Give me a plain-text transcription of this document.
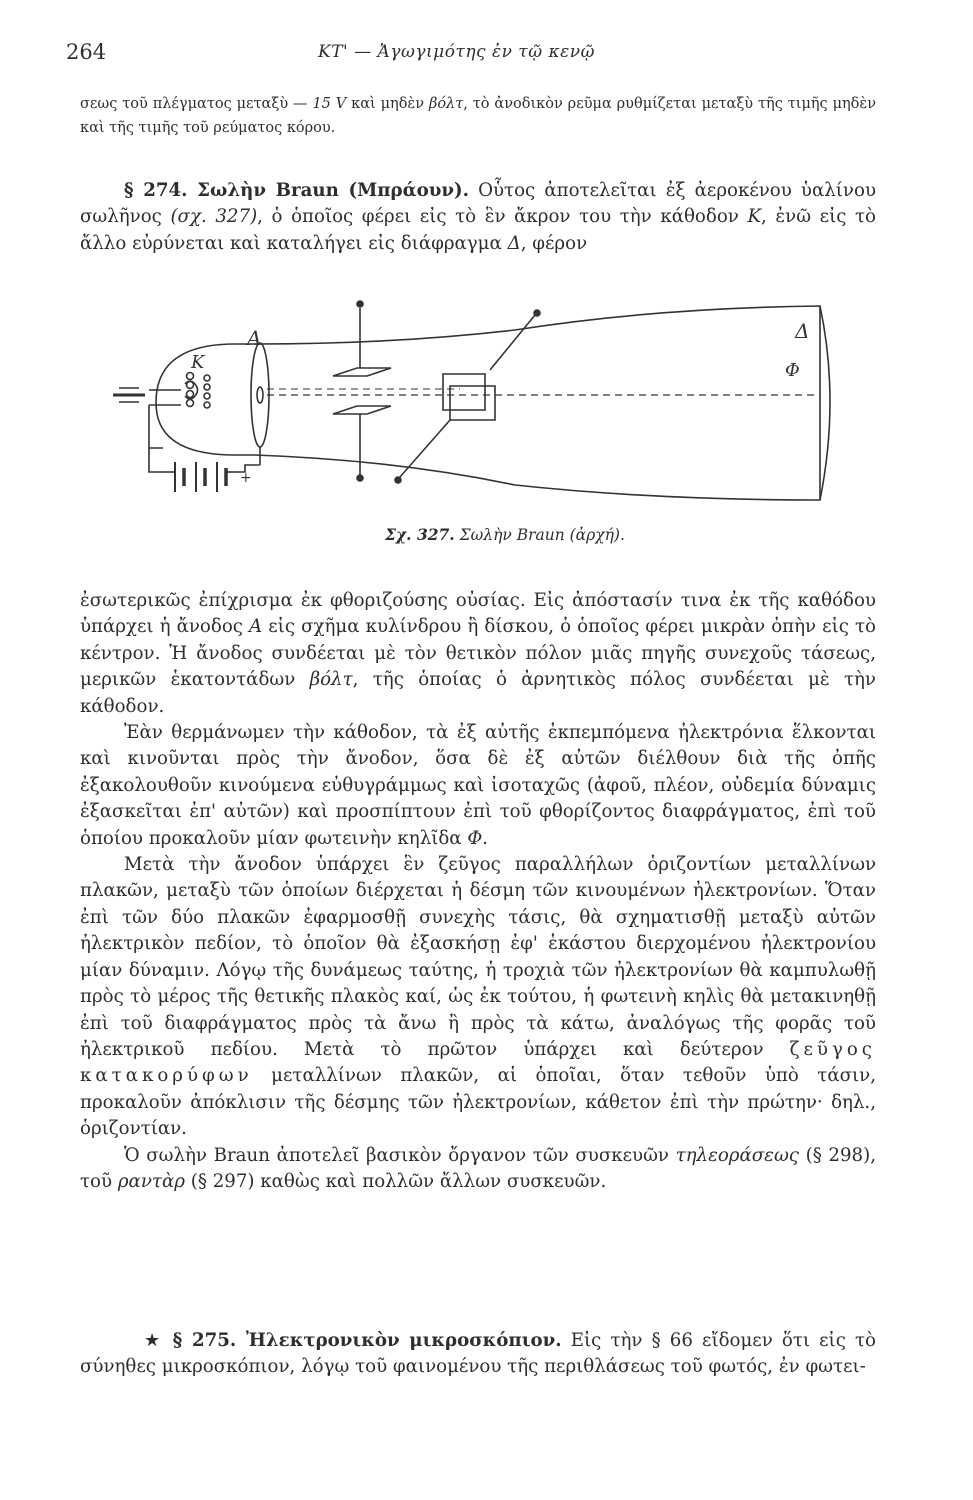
264	ΚΤ' — Ἀγωγιμότης ἐν τῷ κενῷ

σεως τοῦ πλέγματος μεταξὺ — 15 V καὶ μηδὲν βόλτ, τὸ ἀνοδικὸν ρεῦμα ρυθμίζεται μεταξὺ τῆς τιμῆς μηδὲν καὶ τῆς τιμῆς τοῦ ρεύματος κόρου.

§ 274. Σωλὴν Braun (Μπράουν). Οὗτος ἀποτελεῖται ἐξ ἀεροκένου ὑαλίνου σωλῆνος (σχ. 327), ὁ ὁποῖος φέρει εἰς τὸ ἓν ἄκρον του τὴν κάθοδον K, ἐνῶ εἰς τὸ ἄλλο εὐρύνεται καὶ καταλήγει εἰς διάφραγμα Δ, φέρον

A
K
Δ
Φ
+
Σχ. 327. Σωλὴν Braun (ἀρχή).

ἐσωτερικῶς ἐπίχρισμα ἐκ φθοριζούσης οὐσίας. Εἰς ἀπόστασίν τινα ἐκ τῆς καθόδου ὑπάρχει ἡ ἄνοδος A εἰς σχῆμα κυλίνδρου ἢ δίσκου, ὁ ὁποῖος φέρει μικρὰν ὀπὴν εἰς τὸ κέντρον. Ἡ ἄνοδος συνδέεται μὲ τὸν θετικὸν πόλον μιᾶς πηγῆς συνεχοῦς τάσεως, μερικῶν ἑκατοντάδων βόλτ, τῆς ὁποίας ὁ ἀρνητικὸς πόλος συνδέεται μὲ τὴν κάθοδον.

Ἐὰν θερμάνωμεν τὴν κάθοδον, τὰ ἐξ αὐτῆς ἐκπεμπόμενα ἠλεκτρόνια ἕλκονται καὶ κινοῦνται πρὸς τὴν ἄνοδον, ὅσα δὲ ἐξ αὐτῶν διέλθουν διὰ τῆς ὀπῆς ἐξακολουθοῦν κινούμενα εὐθυγράμμως καὶ ἰσοταχῶς (ἀφοῦ, πλέον, οὐδεμία δύναμις ἐξασκεῖται ἐπ' αὐτῶν) καὶ προσπίπτουν ἐπὶ τοῦ φθορίζοντος διαφράγματος, ἐπὶ τοῦ ὁποίου προκαλοῦν μίαν φωτεινὴν κηλῖδα Φ.

Μετὰ τὴν ἄνοδον ὑπάρχει ἓν ζεῦγος παραλλήλων ὁριζοντίων μεταλλίνων πλακῶν, μεταξὺ τῶν ὁποίων διέρχεται ἡ δέσμη τῶν κινουμένων ἠλεκτρονίων. Ὅταν ἐπὶ τῶν δύο πλακῶν ἐφαρμοσθῇ συνεχὴς τάσις, θὰ σχηματισθῇ μεταξὺ αὐτῶν ἠλεκτρικὸν πεδίον, τὸ ὁποῖον θὰ ἐξασκήσῃ ἐφ' ἑκάστου διερχομένου ἠλεκτρονίου μίαν δύναμιν. Λόγῳ τῆς δυνάμεως ταύτης, ἡ τροχιὰ τῶν ἠλεκτρονίων θὰ καμπυλωθῇ πρὸς τὸ μέρος τῆς θετικῆς πλακὸς καί, ὡς ἐκ τούτου, ἡ φωτεινὴ κηλὶς θὰ μετακινηθῇ ἐπὶ τοῦ διαφράγματος πρὸς τὰ ἄνω ἢ πρὸς τὰ κάτω, ἀναλόγως τῆς φορᾶς τοῦ ἠλεκτρικοῦ πεδίου. Μετὰ τὸ πρῶτον ὑπάρχει καὶ δεύτερον ζεῦγος κατακορύφων μεταλλίνων πλακῶν, αἱ ὁποῖαι, ὅταν τεθοῦν ὑπὸ τάσιν, προκαλοῦν ἀπόκλισιν τῆς δέσμης τῶν ἠλεκτρονίων, κάθετον ἐπὶ τὴν πρώτην· δηλ., ὁριζοντίαν.

Ὁ σωλὴν Braun ἀποτελεῖ βασικὸν ὄργανον τῶν συσκευῶν τηλεοράσεως (§ 298), τοῦ ραντὰρ (§ 297) καθὼς καὶ πολλῶν ἄλλων συσκευῶν.

★ § 275. Ἠλεκτρονικὸν μικροσκόπιον. Εἰς τὴν § 66 εἴδομεν ὅτι εἰς τὸ σύνηθες μικροσκόπιον, λόγῳ τοῦ φαινομένου τῆς περιθλάσεως τοῦ φωτός, ἐν φωτει-
